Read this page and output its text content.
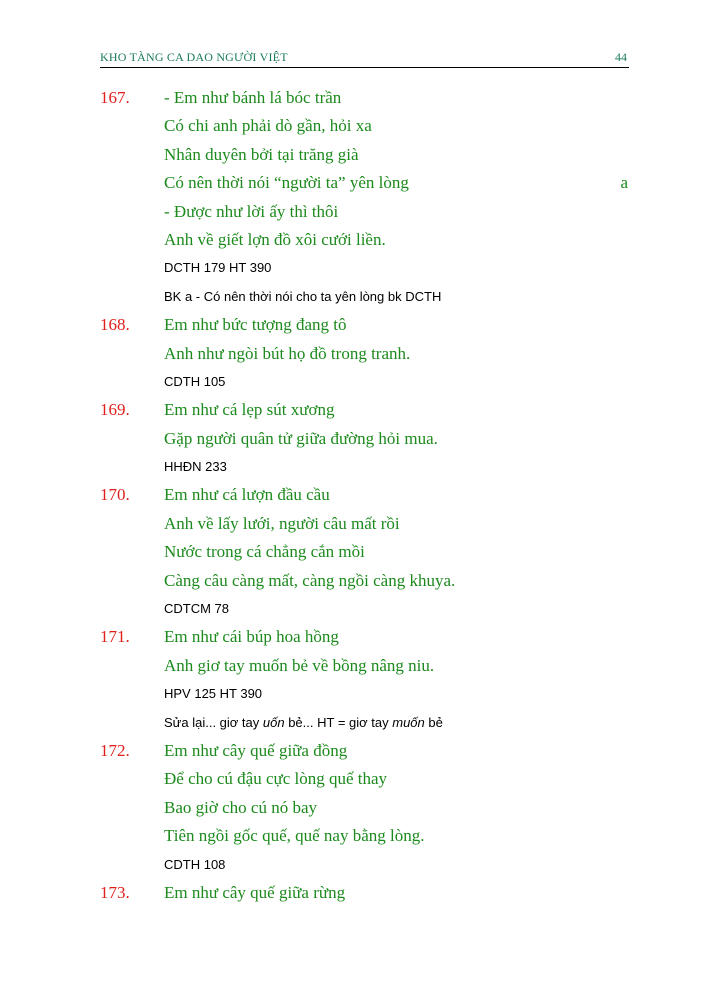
KHO TÀNG CA DAO NGƯỜI VIỆT	44
167. - Em như bánh lá bóc trần
Có chi anh phải dò gần, hỏi xa
Nhân duyên bởi tại trăng già
Có nên thời nói “người ta” yên lòng	a
- Được như lời ấy thì thôi
Anh về giết lợn đồ xôi cưới liền.
DCTH 179 HT 390
BK a - Có nên thời nói cho ta yên lòng bk DCTH
168. Em như bức tượng đang tô
Anh như ngòi bút họ đồ trong tranh.
CDTH 105
169. Em như cá lẹp sút xương
Gặp người quân tử giữa đường hỏi mua.
HHĐN 233
170. Em như cá lượn đầu cầu
Anh về lấy lưới, người câu mất rồi
Nước trong cá chẳng cắn mồi
Càng câu càng mất, càng ngồi càng khuya.
CDTCM 78
171. Em như cái búp hoa hồng
Anh giơ tay muốn bẻ về bồng nâng niu.
HPV 125 HT 390
Sửa lại... giơ tay uốn bẻ... HT = giơ tay muốn bẻ
172. Em như cây quế giữa đồng
Để cho cú đậu cực lòng quế thay
Bao giờ cho cú nó bay
Tiên ngồi gốc quế, quế nay bằng lòng.
CDTH 108
173. Em như cây quế giữa rừng
